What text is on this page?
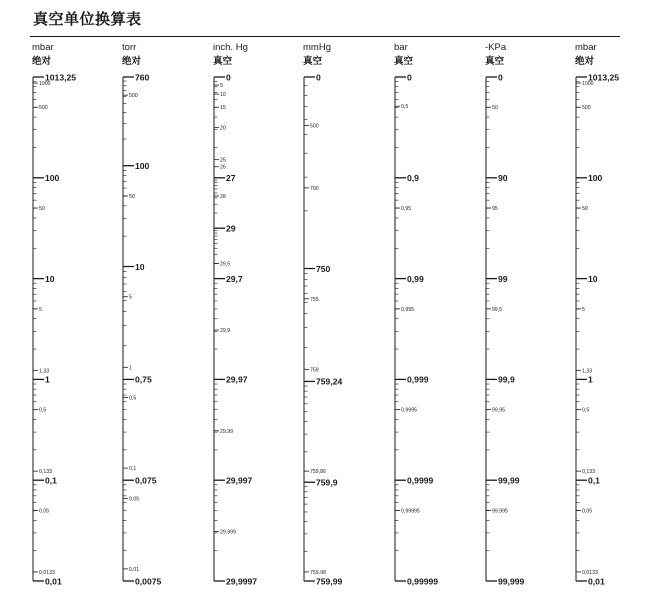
真空单位换算表
mbar
绝对
torr
绝对
inch. Hg
真空
mmHg
真空
bar
真空
-KPa
真空
mbar
绝对
1000
500
50
5
1,33
0,5
0,133
0,05
0,0133
1013,25
100
10
1
0,1
0,01
500
50
5
1
0,5
0,1
0,05
0,01
760
100
10
0,75
0,075
0,0075
5
10
15
20
25
26
28
29,5
29,9
29,99
29,999
0
27
29
29,7
29,97
29,997
29,9997
500
700
755
759
759,86
759,98
0
750
759,24
759,9
759,99
0,5
0,95
0,995
0,9995
0,99995
0
0,9
0,99
0,999
0,9999
0,99999
50
95
99,5
99,95
99,995
0
90
99
99,9
99,99
99,999
1000
50
500
5
1,33
0,5
0,133
0,05
0,0133
1013,25
100
10
1
0,1
0,01
